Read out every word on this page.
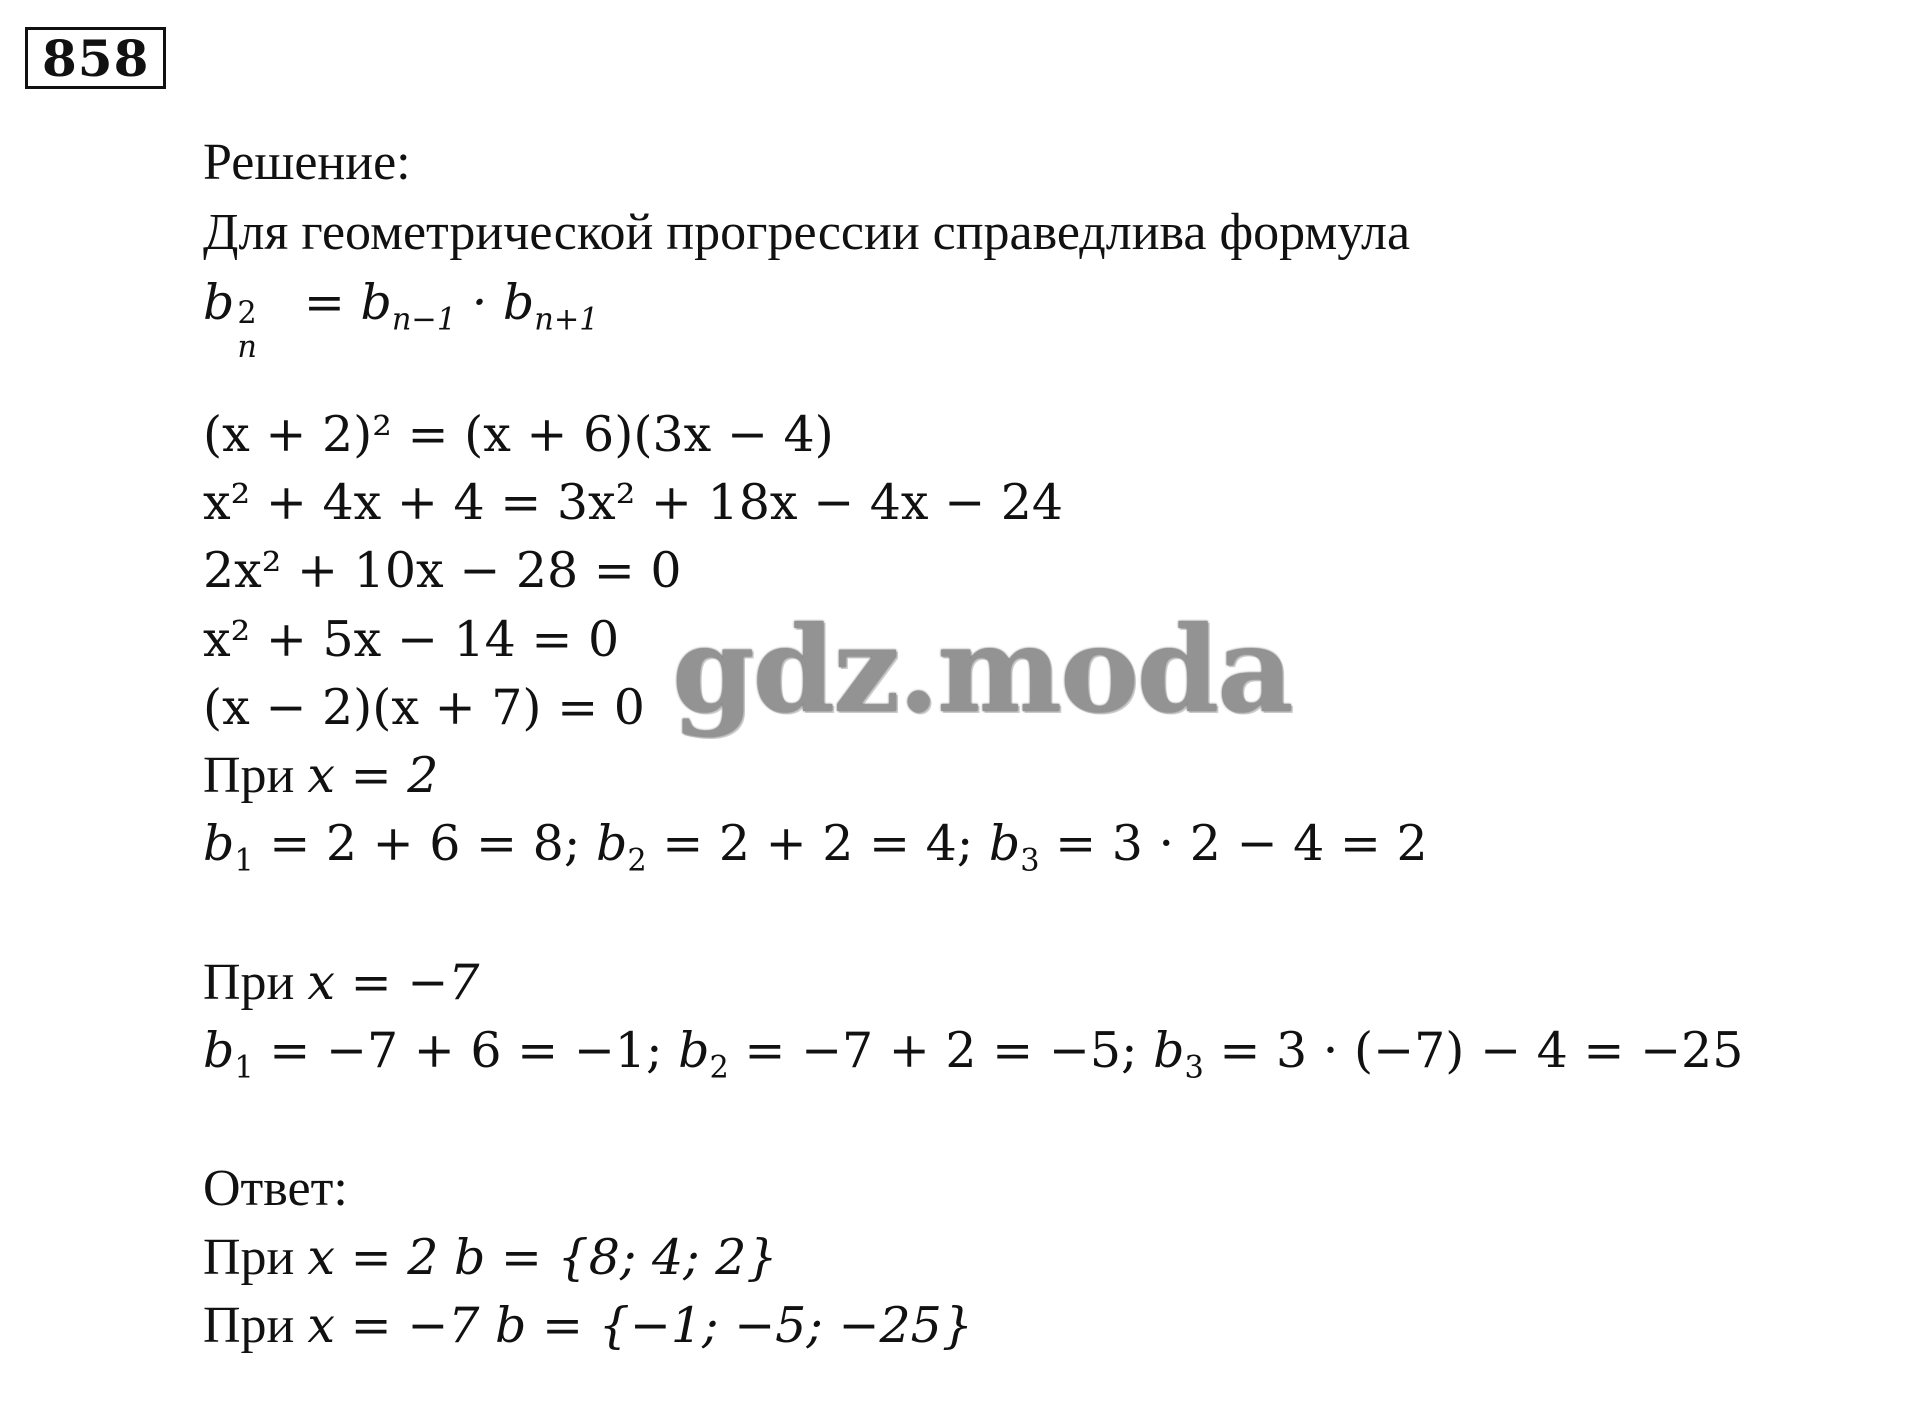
858
Решение:
Для геометрической прогрессии справедлива формула
b 2
n
= $b_{n-1} \cdot b_{n+1}$
(x + 2)² = (x + 6)(3x − 4)
x² + 4x + 4 = 3x² + 18x − 4x − 24
2x² + 10x − 28 = 0
x² + 5x − 14 = 0
(x − 2)(x + 7) = 0
При x = 2
$b_1 = 2 + 6 = 8$; $b_2 = 2 + 2 = 4$; $b_3 = 3 \cdot 2 - 4 = 2$
При x = −7
$b_1 = -7 + 6 = -1$; $b_2 = -7 + 2 = -5$; $b_3 = 3 \cdot (-7) - 4 = -25$
Ответ:
При x = 2 b = {8; 4; 2}
При x = −7 b = {−1; −5; −25}
gdz.moda
